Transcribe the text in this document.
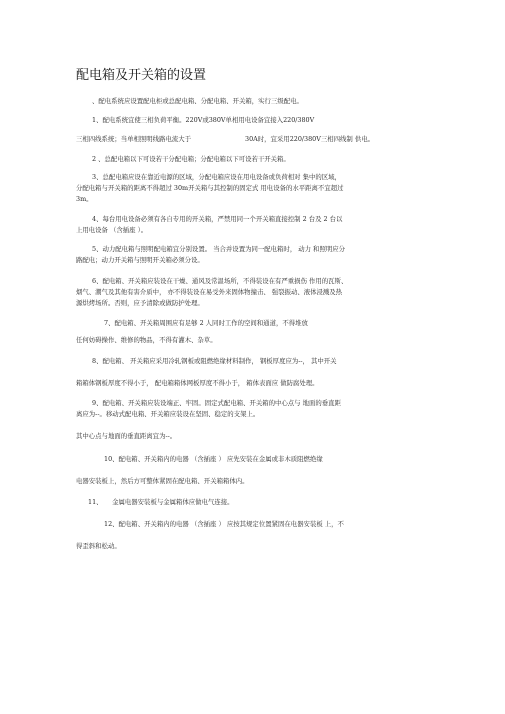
配电箱及开关箱的设置
、配电系统应设置配电柜或总配电箱、分配电箱、开关箱，实行三级配电。
1、配电系统宜使三相负荷平衡。220V或380V单相用电设备宜接入220/380V
三相四线系统；当单相照明线路电流大于	30A时，宜采用220/380V三相四线制 供电。
2 、总配电箱以下可设若干分配电箱；分配电箱以下可设若干开关箱。
3、总配电箱应设在靠近电源的区域，分配电箱应设在用电设备或负荷相对 集中的区域，
分配电箱与开关箱的距离不得超过 30m开关箱与其控制的固定式 用电设备的水平距离不宜超过
3m。
4、每台用电设备必须有各自专用的开关箱，严禁用同一个开关箱直接控制 2 台及 2 台以
上用电设备 （含插座 ）。
5、动力配电箱与照明配电箱宜分别设置。 当合并设置为同一配电箱时， 动力 和照明应分
路配电；动力开关箱与照明开关箱必须分设。
6、配电箱、开关箱应装设在干燥、通风及常温场所，不得装设在有严重损伤 作用的瓦斯、
烟气、潮气及其他有害介质中， 亦不得装设在易受外来固体物撞击、 强裂振动、液体浸溅及热
源烘烤场所。否则，应予清除或做防护处理。
7、配电箱、开关箱周围应有足够 2 人同时工作的空间和通道，不得堆放
任何妨碍操作、维修的物品，不得有灌木、杂草。
8、配电箱、 开关箱应采用冷轧钢板或阻燃绝缘材料制作， 钢板厚度应为--， 其中开关
箱箱体钢板厚度不得小于， 配电箱箱体网板厚度不得小于， 箱体表面应 做防腐处理。
9、配电箱、开关箱应装设端正、牢固。固定式配电箱、开关箱的中心点与 地面的垂直距
离应为--。移动式配电箱、开关箱应装设在坚固、稳定的支架上。
其中心点与地面的垂直距离宜为--。
10、配电箱、开关箱内的电器 （含插座 ） 应先安装在金属或非木质阻燃绝缘
电器安装板上，然后方可整体紧固在配电箱、开关箱箱体内。
11、　　金属电器安装板与金属箱体应做电气连接。
12、配电箱、开关箱内的电器 （含插座 ） 应按其规定位置紧固在电器安装板 上，不
得歪斜和松动。
